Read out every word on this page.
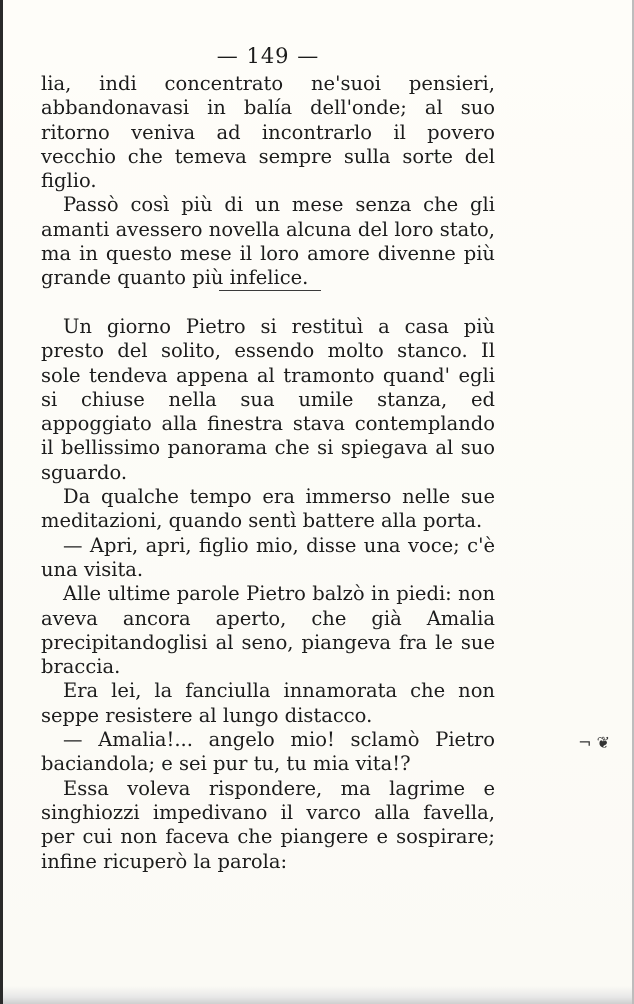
— 149 —

lia, indi concentrato ne'suoi pensieri, abbandonavasi in balía dell'onde; al suo ritorno veniva ad incontrarlo il povero vecchio che temeva sempre sulla sorte del figlio.

Passò così più di un mese senza che gli amanti avessero novella alcuna del loro stato, ma in questo mese il loro amore divenne più grande quanto più infelice.

Un giorno Pietro si restituì a casa più presto del solito, essendo molto stanco. Il sole tendeva appena al tramonto quand' egli si chiuse nella sua umile stanza, ed appoggiato alla finestra stava contemplando il bellissimo panorama che si spiegava al suo sguardo.

Da qualche tempo era immerso nelle sue meditazioni, quando sentì battere alla porta.

— Apri, apri, figlio mio, disse una voce; c'è una visita.

Alle ultime parole Pietro balzò in piedi: non aveva ancora aperto, che già Amalia precipitandoglisi al seno, piangeva fra le sue braccia.

Era lei, la fanciulla innamorata che non seppe resistere al lungo distacco.

— Amalia!... angelo mio! sclamò Pietro baciandola; e sei pur tu, tu mia vita!?

Essa voleva rispondere, ma lagrime e singhiozzi impedivano il varco alla favella, per cui non faceva che piangere e sospirare; infine ricuperò la parola:

¬ ❦
